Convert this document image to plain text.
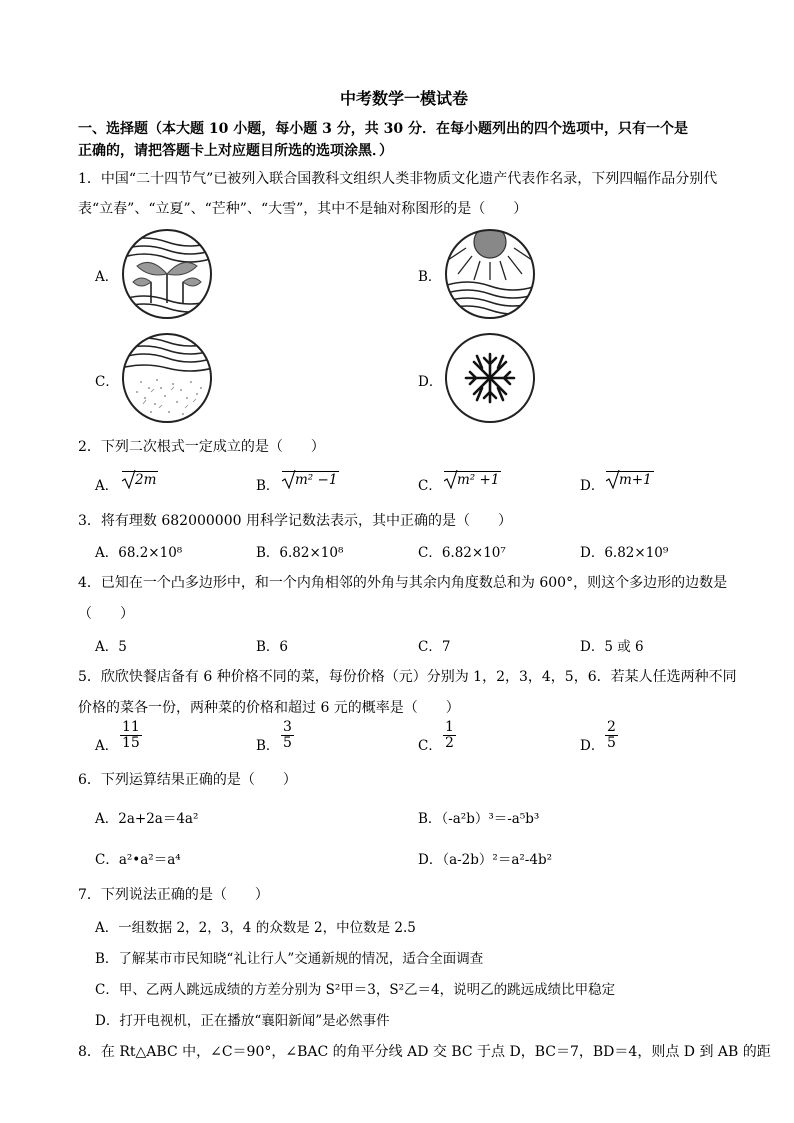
中考数学一模试卷
一、选择题（本大题 10 小题，每小题 3 分，共 30 分．在每小题列出的四个选项中，只有一个是
正确的，请把答题卡上对应题目所选的选项涂黑．）
1．中国“二十四节气”已被列入联合国教科文组织人类非物质文化遗产代表作名录，下列四幅作品分别代
表“立春”、“立夏”、“芒种”、“大雪”，其中不是轴对称图形的是（　　）
A．	B．
C．	D．
2．下列二次根式一定成立的是（　　）
A．	2m	B．	m² −1	C．	m² +1	D．	m+1
3．将有理数 682000000 用科学记数法表示，其中正确的是（　　）
A．68.2×10⁸	B．6.82×10⁸	C．6.82×10⁷	D．6.82×10⁹
4．已知在一个凸多边形中，和一个内角相邻的外角与其余内角度数总和为 600°，则这个多边形的边数是
（　　）
A．5	B．6	C．7	D．5 或 6
5．欣欣快餐店备有 6 种价格不同的菜，每份价格（元）分别为 1，2，3，4，5，6．若某人任选两种不同
价格的菜各一份，两种菜的价格和超过 6 元的概率是（　　）
A． $\frac{11}{15}$	B． $\frac{3}{5}$	C． $\frac{1}{2}$	D． $\frac{2}{5}$
6．下列运算结果正确的是（　　）
A．2a+2a＝4a²	B．（-a²b）³＝-a⁵b³
C．a²•a²＝a⁴	D．（a-2b）²＝a²-4b²
7．下列说法正确的是（　　）
A．一组数据 2，2，3，4 的众数是 2，中位数是 2.5
B．了解某市市民知晓“礼让行人”交通新规的情况，适合全面调查
C．甲、乙两人跳远成绩的方差分别为 S²甲＝3，S²乙＝4，说明乙的跳远成绩比甲稳定
D．打开电视机，正在播放“襄阳新闻”是必然事件
8．在 Rt△ABC 中，∠C＝90°，∠BAC 的角平分线 AD 交 BC 于点 D，BC＝7，BD＝4，则点 D 到 AB 的距
